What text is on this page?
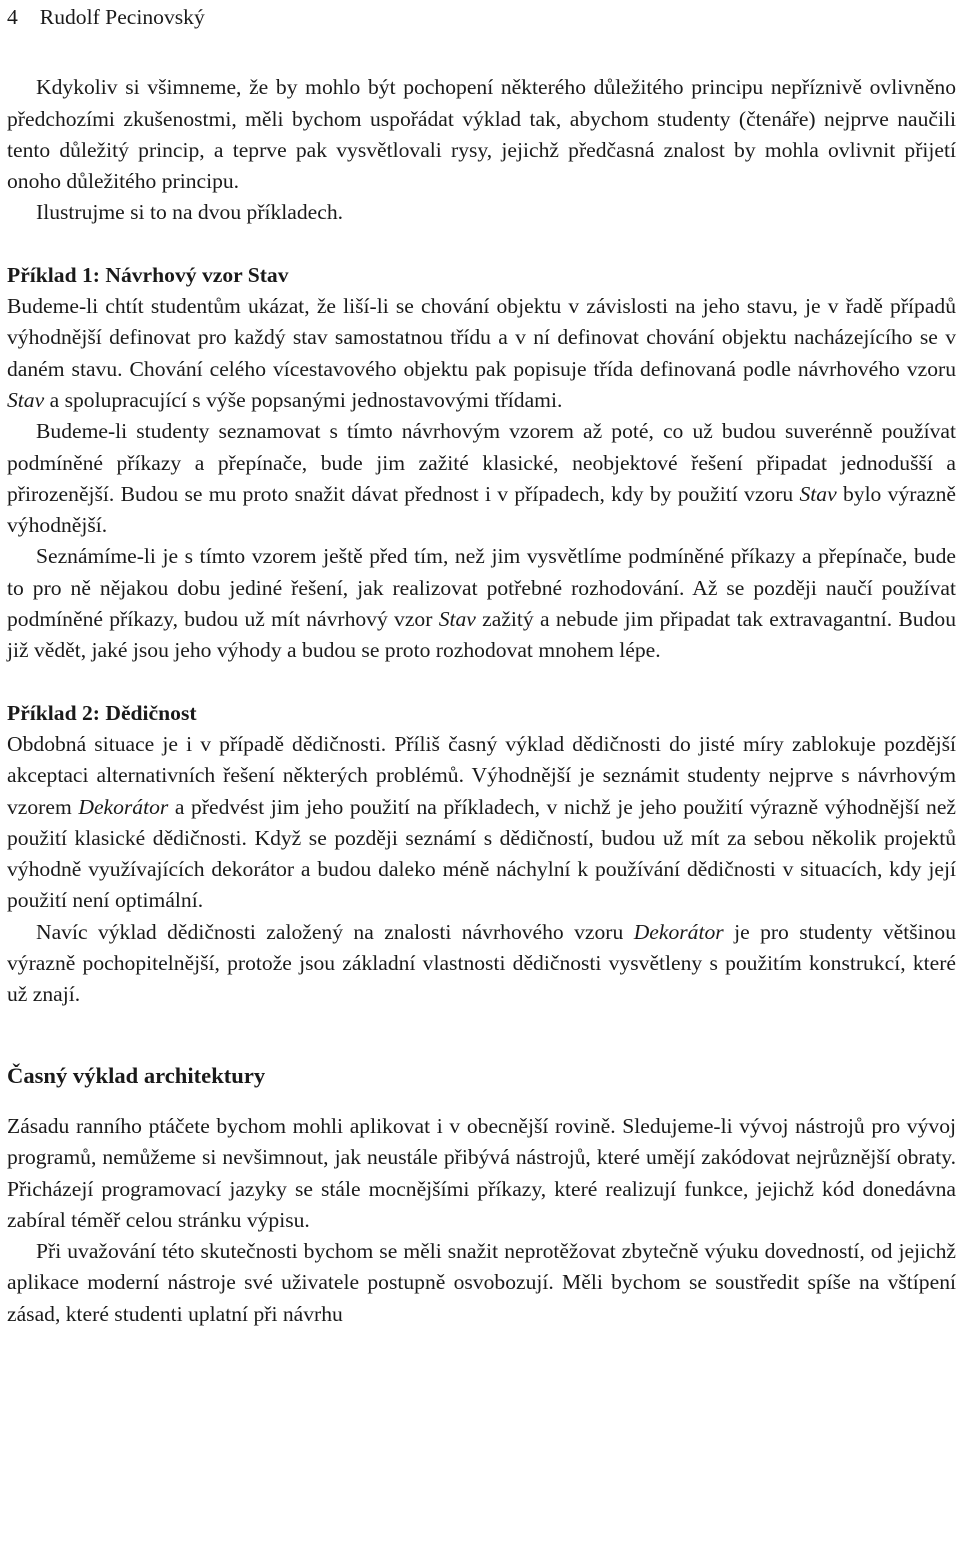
4 Rudolf Pecinovský

Kdykoliv si všimneme, že by mohlo být pochopení některého důležitého principu nepříznivě ovlivněno předchozími zkušenostmi, měli bychom uspořádat výklad tak, abychom studenty (čtenáře) nejprve naučili tento důležitý princip, a teprve pak vysvětlovali rysy, jejichž předčasná znalost by mohla ovlivnit přijetí onoho důležitého principu.

Ilustrujme si to na dvou příkladech.

Příklad 1: Návrhový vzor Stav

Budeme-li chtít studentům ukázat, že liší-li se chování objektu v závislosti na jeho stavu, je v řadě případů výhodnější definovat pro každý stav samostatnou třídu a v ní definovat chování objektu nacházejícího se v daném stavu. Chování celého vícestavového objektu pak popisuje třída definovaná podle návrhového vzoru Stav a spolupracující s výše popsanými jednostavovými třídami.

Budeme-li studenty seznamovat s tímto návrhovým vzorem až poté, co už budou suverénně používat podmíněné příkazy a přepínače, bude jim zažité klasické, neobjektové řešení připadat jednodušší a přirozenější. Budou se mu proto snažit dávat přednost i v případech, kdy by použití vzoru Stav bylo výrazně výhodnější.

Seznámíme-li je s tímto vzorem ještě před tím, než jim vysvětlíme podmíněné příkazy a přepínače, bude to pro ně nějakou dobu jediné řešení, jak realizovat potřebné rozhodování. Až se později naučí používat podmíněné příkazy, budou už mít návrhový vzor Stav zažitý a nebude jim připadat tak extravagantní. Budou již vědět, jaké jsou jeho výhody a budou se proto rozhodovat mnohem lépe.

Příklad 2: Dědičnost

Obdobná situace je i v případě dědičnosti. Příliš časný výklad dědičnosti do jisté míry zablokuje pozdější akceptaci alternativních řešení některých problémů. Výhodnější je seznámit studenty nejprve s návrhovým vzorem Dekorátor a předvést jim jeho použití na příkladech, v nichž je jeho použití výrazně výhodnější než použití klasické dědičnosti. Když se později seznámí s dědičností, budou už mít za sebou několik projektů výhodně využívajících dekorátor a budou daleko méně náchylní k používání dědičnosti v situacích, kdy její použití není optimální.

Navíc výklad dědičnosti založený na znalosti návrhového vzoru Dekorátor je pro studenty většinou výrazně pochopitelnější, protože jsou základní vlastnosti dědičnosti vysvětleny s použitím konstrukcí, které už znají.

Časný výklad architektury

Zásadu ranního ptáčete bychom mohli aplikovat i v obecnější rovině. Sledujeme-li vývoj nástrojů pro vývoj programů, nemůžeme si nevšimnout, jak neustále přibývá nástrojů, které umějí zakódovat nejrůznější obraty. Přicházejí programovací jazyky se stále mocnějšími příkazy, které realizují funkce, jejichž kód donedávna zabíral téměř celou stránku výpisu.

Při uvažování této skutečnosti bychom se měli snažit neprotěžovat zbytečně výuku dovedností, od jejichž aplikace moderní nástroje své uživatele postupně osvobozují. Měli bychom se soustředit spíše na vštípení zásad, které studenti uplatní při návrhu
